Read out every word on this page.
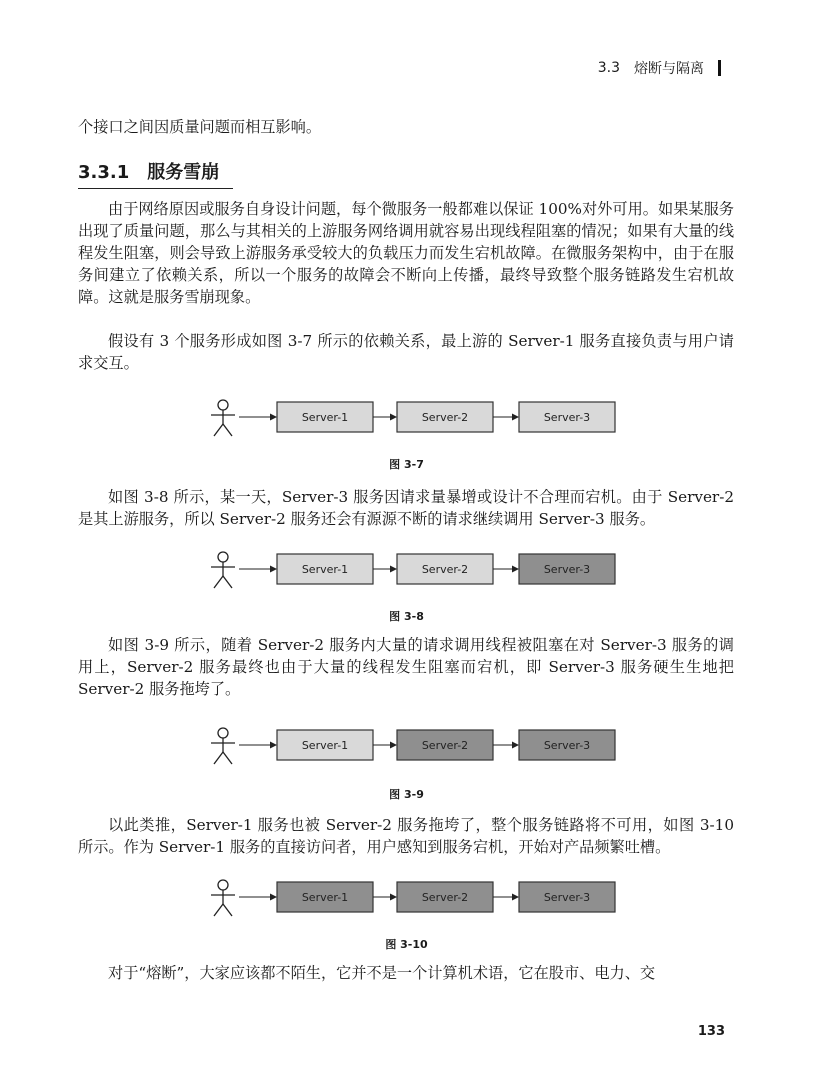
3.3 熔断与隔离

个接口之间因质量问题而相互影响。

3.3.1 服务雪崩

由于网络原因或服务自身设计问题，每个微服务一般都难以保证 100%对外可用。如果某服务出现了质量问题，那么与其相关的上游服务网络调用就容易出现线程阻塞的情况；如果有大量的线程发生阻塞，则会导致上游服务承受较大的负载压力而发生宕机故障。在微服务架构中，由于在服务间建立了依赖关系，所以一个服务的故障会不断向上传播，最终导致整个服务链路发生宕机故障。这就是服务雪崩现象。

假设有 3 个服务形成如图 3-7 所示的依赖关系，最上游的 Server-1 服务直接负责与用户请求交互。

Server-1	Server-2	Server-3
图 3-7

如图 3-8 所示，某一天，Server-3 服务因请求量暴增或设计不合理而宕机。由于 Server-2 是其上游服务，所以 Server-2 服务还会有源源不断的请求继续调用 Server-3 服务。

Server-1	Server-2	Server-3
图 3-8

如图 3-9 所示，随着 Server-2 服务内大量的请求调用线程被阻塞在对 Server-3 服务的调用上，Server-2 服务最终也由于大量的线程发生阻塞而宕机，即 Server-3 服务硬生生地把 Server-2 服务拖垮了。

Server-1	Server-2	Server-3
图 3-9

以此类推，Server-1 服务也被 Server-2 服务拖垮了，整个服务链路将不可用，如图 3-10 所示。作为 Server-1 服务的直接访问者，用户感知到服务宕机，开始对产品频繁吐槽。

Server-1	Server-2	Server-3
图 3-10

对于“熔断”，大家应该都不陌生，它并不是一个计算机术语，它在股市、电力、交

133
